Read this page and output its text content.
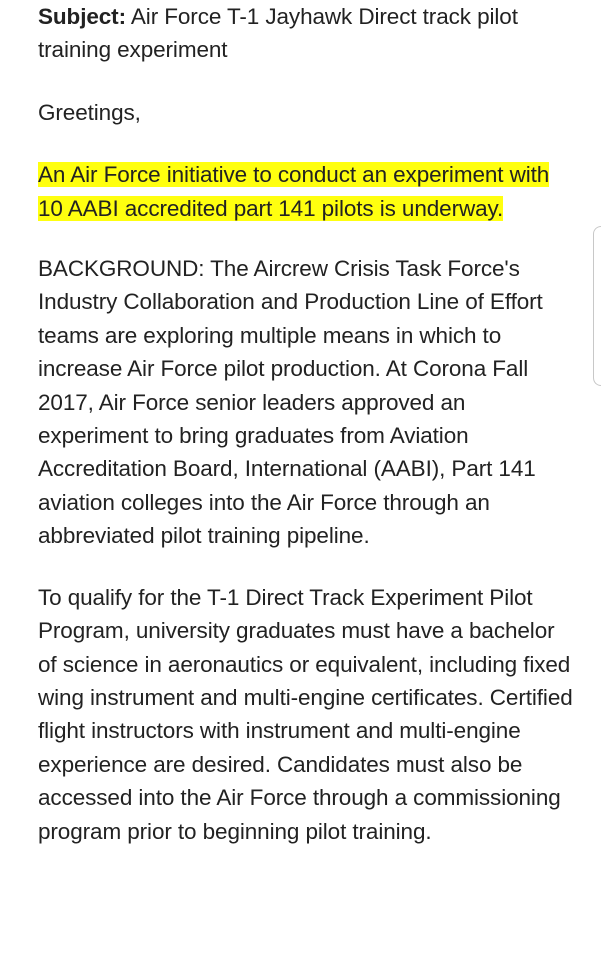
Subject: Air Force T-1 Jayhawk Direct track pilot training experiment

Greetings,

An Air Force initiative to conduct an experiment with 10 AABI accredited part 141 pilots is underway.

BACKGROUND: The Aircrew Crisis Task Force's Industry Collaboration and Production Line of Effort teams are exploring multiple means in which to increase Air Force pilot production. At Corona Fall 2017, Air Force senior leaders approved an experiment to bring graduates from Aviation Accreditation Board, International (AABI), Part 141 aviation colleges into the Air Force through an abbreviated pilot training pipeline.

To qualify for the T-1 Direct Track Experiment Pilot Program, university graduates must have a bachelor of science in aeronautics or equivalent, including fixed wing instrument and multi-engine certificates. Certified flight instructors with instrument and multi-engine experience are desired. Candidates must also be accessed into the Air Force through a commissioning program prior to beginning pilot training.
